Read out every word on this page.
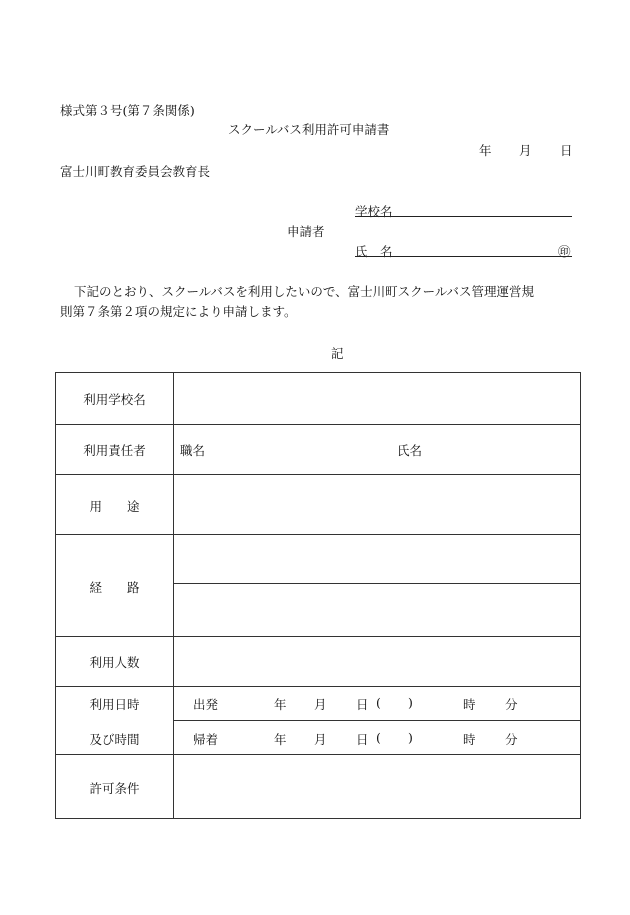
様式第３号(第７条関係)
スクールバス利用許可申請書
年 月 日
富士川町教育委員会教育長
学校名
申請者
氏　名	㊞
下記のとおり、スクールバスを利用したいので、富士川町スクールバス管理運営規
則第７条第２項の規定により申請します。
記
利用学校名
利用責任者	職名	氏名
用　　途
経　　路
利用人数
利用日時
及び時間
出発	年 月 日 ( )	時 分
帰着	年 月 日 ( )	時 分
許可条件
